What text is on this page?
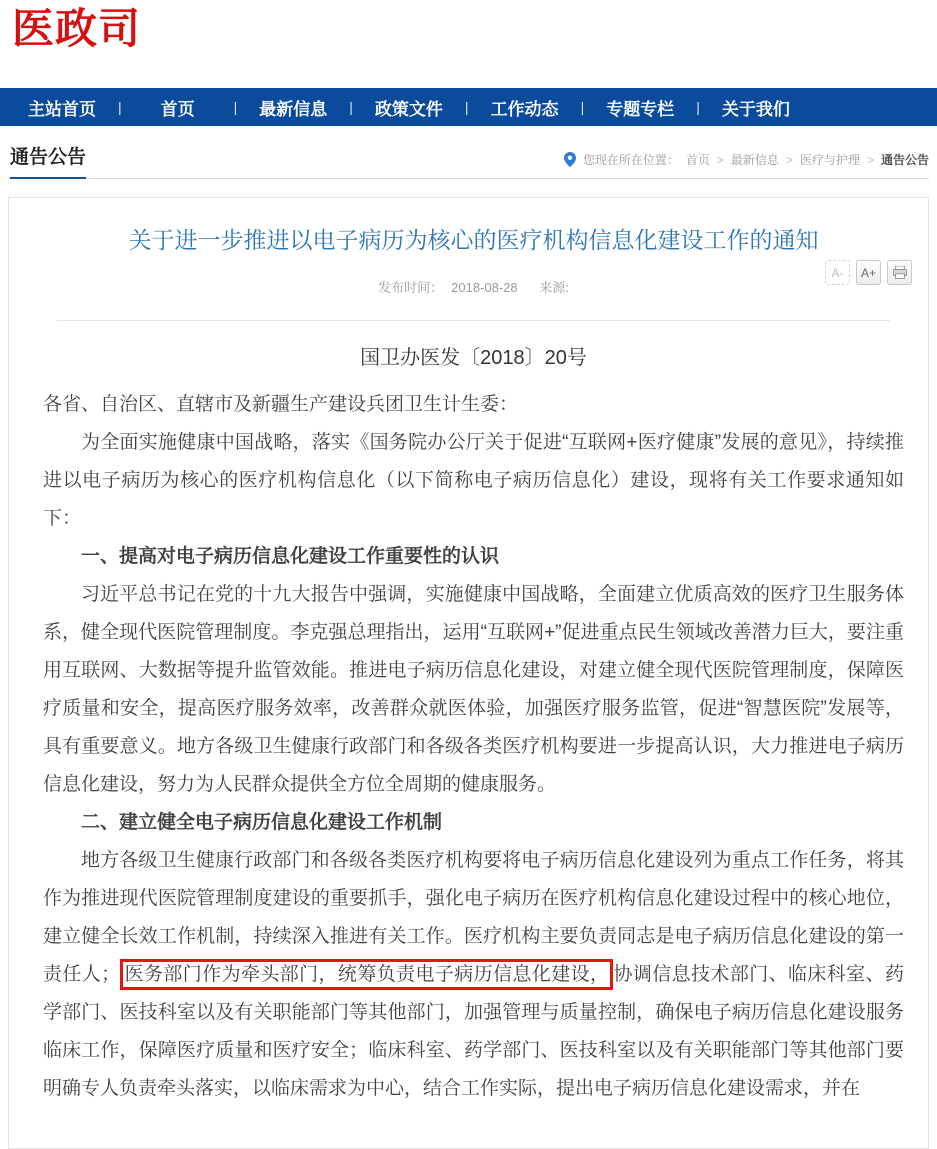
医政司
主站首页	|	首页	|	最新信息	|	政策文件	|	工作动态	|	专题专栏	|	关于我们
通告公告	您现在所在位置： 首页 > 最新信息 > 医疗与护理 > 通告公告
关于进一步推进以电子病历为核心的医疗机构信息化建设工作的通知
发布时间： 2018-08-28 来源:
A-	A+
国卫办医发〔2018〕20号

各省、自治区、直辖市及新疆生产建设兵团卫生计生委：

为全面实施健康中国战略，落实《国务院办公厅关于促进“互联网+医疗健康”发展的意见》，持续推进以电子病历为核心的医疗机构信息化（以下简称电子病历信息化）建设，现将有关工作要求通知如下：

一、提高对电子病历信息化建设工作重要性的认识

习近平总书记在党的十九大报告中强调，实施健康中国战略，全面建立优质高效的医疗卫生服务体系，健全现代医院管理制度。李克强总理指出，运用“互联网+”促进重点民生领域改善潜力巨大，要注重用互联网、大数据等提升监管效能。推进电子病历信息化建设，对建立健全现代医院管理制度，保障医疗质量和安全，提高医疗服务效率，改善群众就医体验，加强医疗服务监管，促进“智慧医院”发展等，具有重要意义。地方各级卫生健康行政部门和各级各类医疗机构要进一步提高认识，大力推进电子病历信息化建设，努力为人民群众提供全方位全周期的健康服务。

二、建立健全电子病历信息化建设工作机制

地方各级卫生健康行政部门和各级各类医疗机构要将电子病历信息化建设列为重点工作任务，将其作为推进现代医院管理制度建设的重要抓手，强化电子病历在医疗机构信息化建设过程中的核心地位，建立健全长效工作机制，持续深入推进有关工作。医疗机构主要负责同志是电子病历信息化建设的第一责任人； 医务部门作为牵头部门，统筹负责电子病历信息化建设， 协调信息技术部门、临床科室、药学部门、医技科室以及有关职能部门等其他部门，加强管理与质量控制，确保电子病历信息化建设服务临床工作，保障医疗质量和医疗安全；临床科室、药学部门、医技科室以及有关职能部门等其他部门要明确专人负责牵头落实，以临床需求为中心，结合工作实际，提出电子病历信息化建设需求，并在
